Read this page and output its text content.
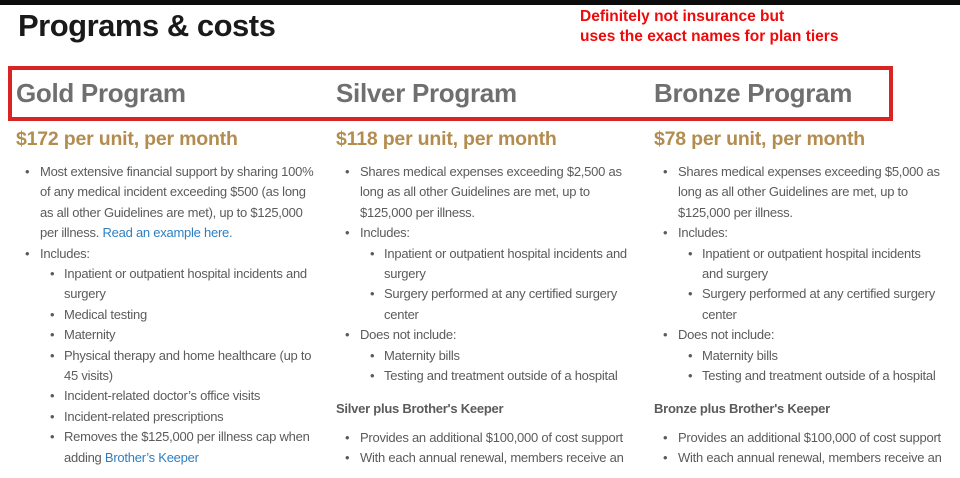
Programs & costs	Definitely not insurance but
uses the exact names for plan tiers
Gold Program
$172 per unit, per month
• Most extensive financial support by sharing 100% of any medical incident exceeding $500 (as long as all other Guidelines are met), up to $125,000 per illness. Read an example here.
• Includes:
• Inpatient or outpatient hospital incidents and surgery
• Medical testing
• Maternity
• Physical therapy and home healthcare (up to 45 visits)
• Incident-related doctor’s office visits
• Incident-related prescriptions
• Removes the $125,000 per illness cap when adding Brother’s Keeper
Silver Program
$118 per unit, per month
• Shares medical expenses exceeding $2,500 as long as all other Guidelines are met, up to $125,000 per illness.
• Includes:
• Inpatient or outpatient hospital incidents and surgery
• Surgery performed at any certified surgery center
• Does not include:
• Maternity bills
• Testing and treatment outside of a hospital
Silver plus Brother's Keeper
• Provides an additional $100,000 of cost support
• With each annual renewal, members receive an
Bronze Program
$78 per unit, per month
• Shares medical expenses exceeding $5,000 as long as all other Guidelines are met, up to $125,000 per illness.
• Includes:
• Inpatient or outpatient hospital incidents and surgery
• Surgery performed at any certified surgery center
• Does not include:
• Maternity bills
• Testing and treatment outside of a hospital
Bronze plus Brother's Keeper
• Provides an additional $100,000 of cost support
• With each annual renewal, members receive an
